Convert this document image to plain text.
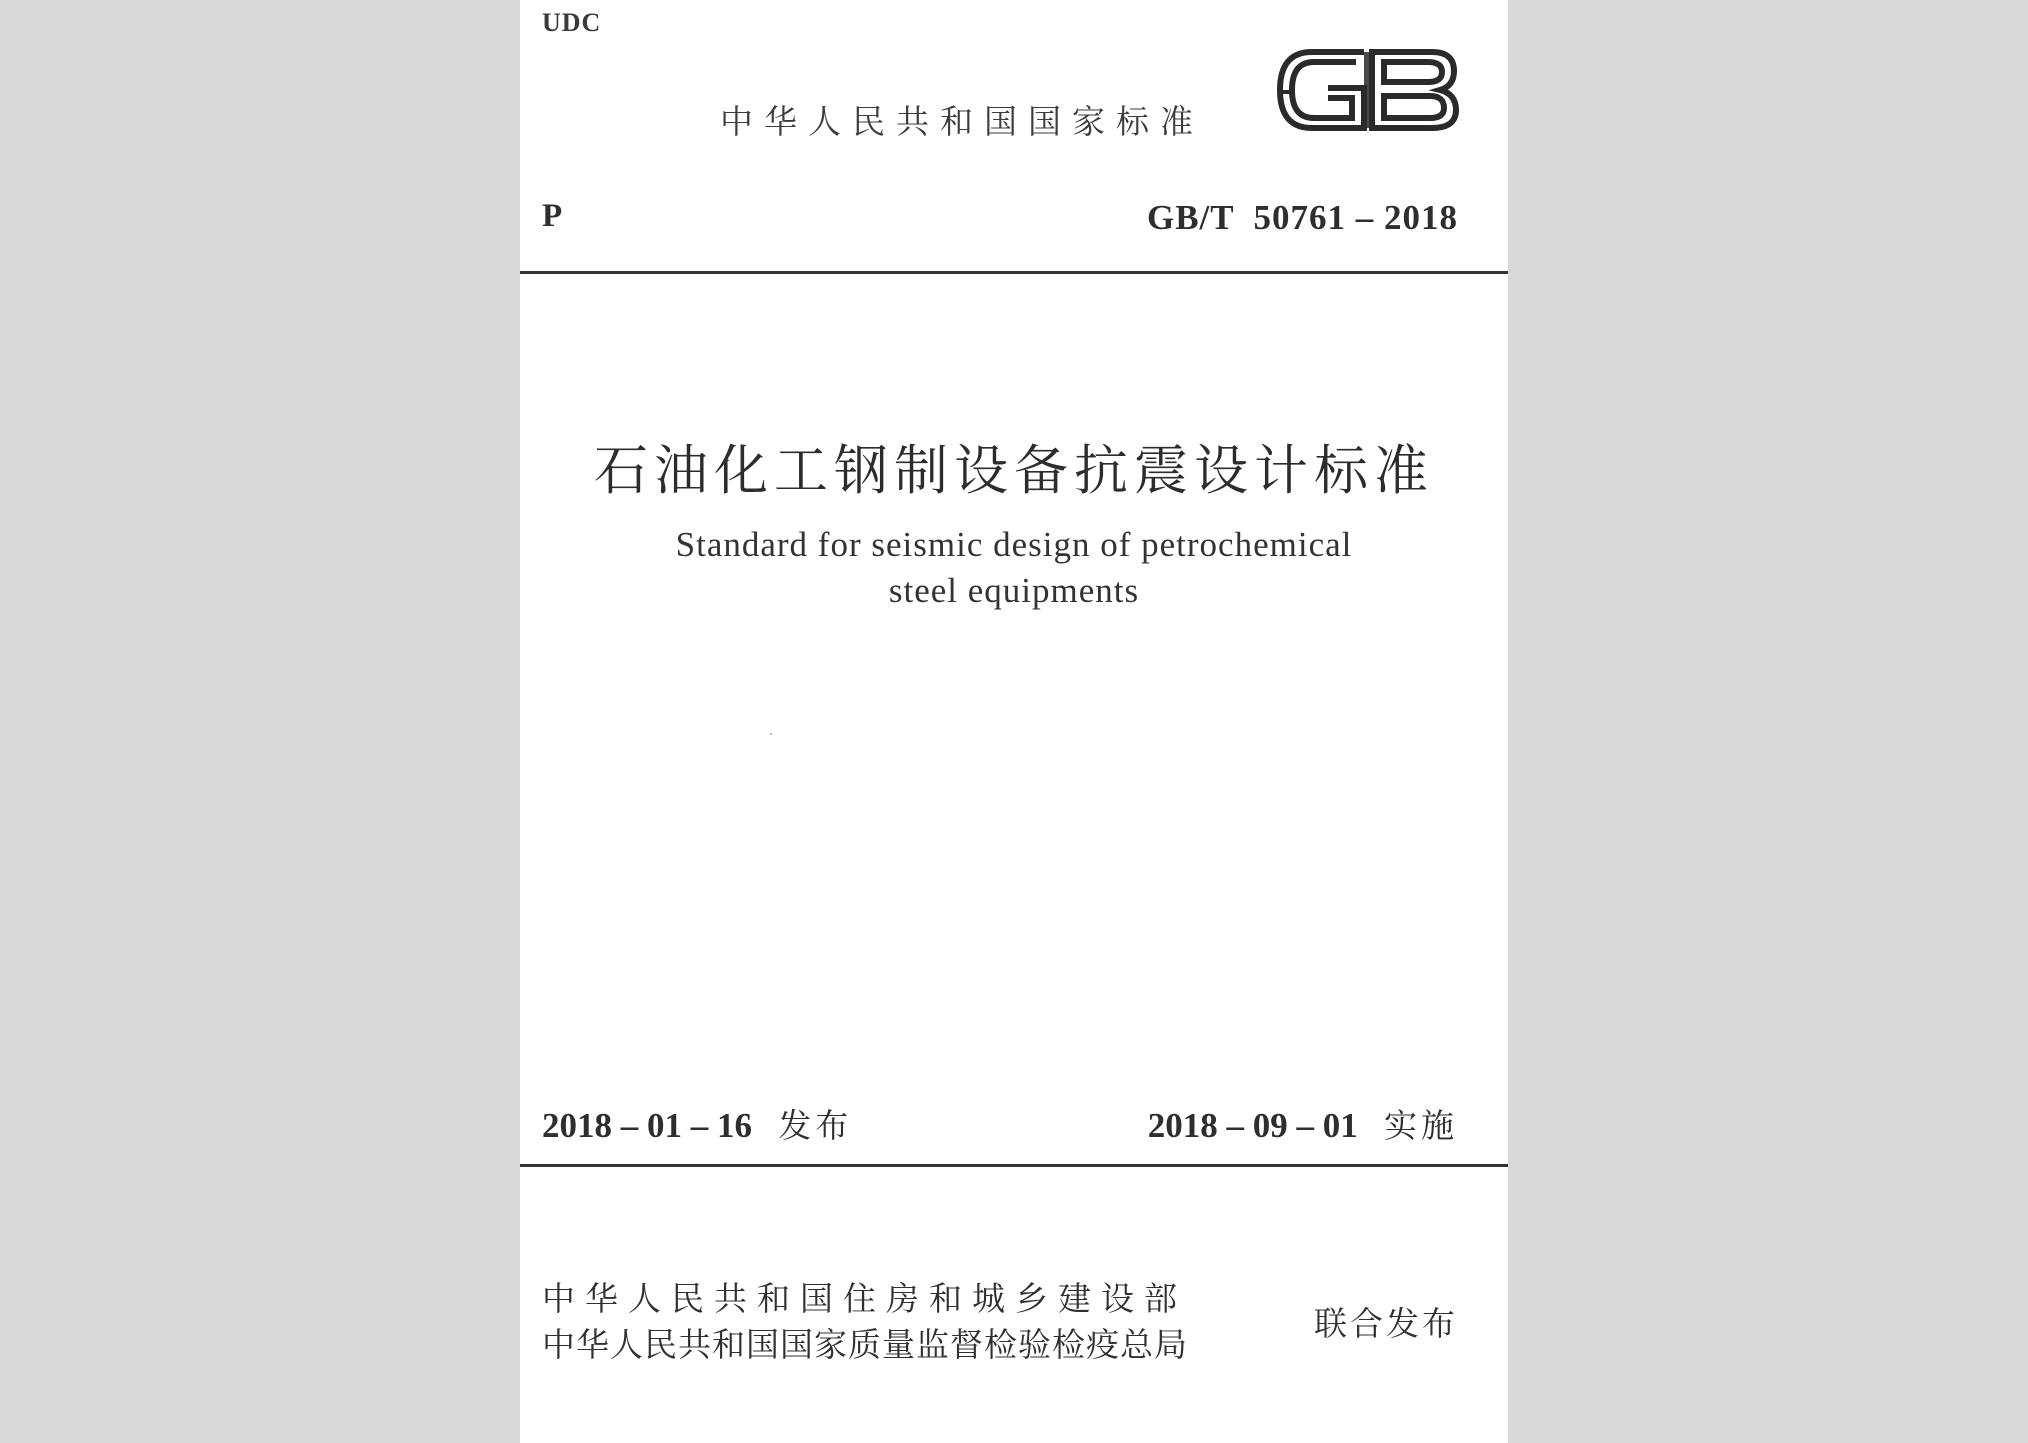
UDC
中华人民共和国国家标准
P	GB/T  50761 – 2018
石油化工钢制设备抗震设计标准
Standard for seismic design of petrochemical
steel equipments
2018 – 01 – 16 发布	2018 – 09 – 01 实施
中华人民共和国住房和城乡建设部
中华人民共和国国家质量监督检验检疫总局
联合发布
